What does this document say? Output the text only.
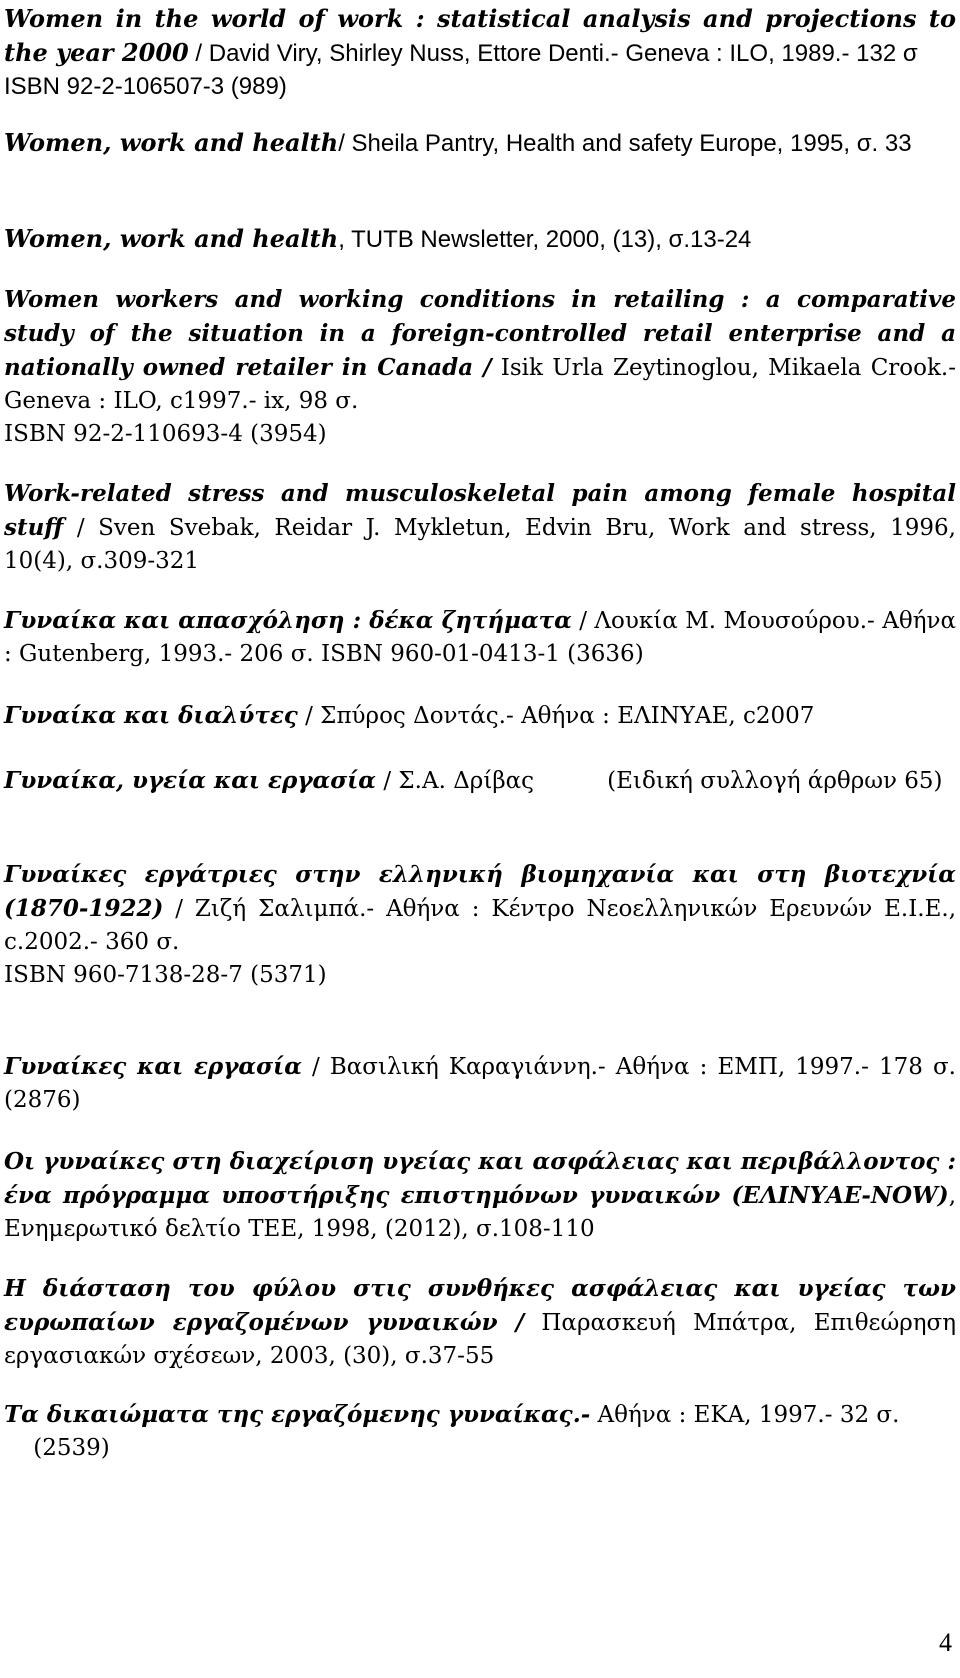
Women in the world of work : statistical analysis and projections to the year 2000 / David Viry, Shirley Nuss, Ettore Denti.- Geneva : ILO, 1989.- 132 σ
ISBN 92-2-106507-3 (989)
Women, work and health/ Sheila Pantry, Health and safety Europe, 1995, σ. 33
Women, work and health, TUTB Newsletter, 2000, (13), σ.13-24
Women workers and working conditions in retailing : a comparative study of the situation in a foreign-controlled retail enterprise and a nationally owned retailer in Canada / Isik Urla Zeytinoglou, Mikaela Crook.- Geneva : ILO, c1997.- ix, 98 σ.
ISBN 92-2-110693-4 (3954)
Work-related stress and musculoskeletal pain among female hospital stuff / Sven Svebak, Reidar J. Mykletun, Edvin Bru, Work and stress, 1996, 10(4), σ.309-321
Γυναίκα και απασχόληση : δέκα ζητήματα / Λουκία Μ. Μουσούρου.- Αθήνα : Gutenberg, 1993.- 206 σ. ISBN 960-01-0413-1 (3636)
Γυναίκα και διαλύτες / Σπύρος Δοντάς.- Αθήνα : ΕΛΙΝΥΑΕ, c2007
Γυναίκα, υγεία και εργασία / Σ.Α. Δρίβας          (Ειδική συλλογή άρθρων 65)
Γυναίκες εργάτριες στην ελληνική βιομηχανία και στη βιοτεχνία (1870-1922) / Ζιζή Σαλιμπά.- Αθήνα : Κέντρο Νεοελληνικών Ερευνών Ε.Ι.Ε., c.2002.- 360 σ.
ISBN 960-7138-28-7 (5371)
Γυναίκες και εργασία / Βασιλική Καραγιάννη.- Αθήνα : ΕΜΠ, 1997.- 178 σ. (2876)
Οι γυναίκες στη διαχείριση υγείας και ασφάλειας και περιβάλλοντος : ένα πρόγραμμα υποστήριξης επιστημόνων γυναικών (ΕΛΙΝΥΑΕ-NOW), Ενημερωτικό δελτίο ΤΕΕ, 1998, (2012), σ.108-110
Η διάσταση του φύλου στις συνθήκες ασφάλειας και υγείας των ευρωπαίων εργαζομένων γυναικών / Παρασκευή Μπάτρα, Επιθεώρηση εργασιακών σχέσεων, 2003, (30), σ.37-55
Τα δικαιώματα της εργαζόμενης γυναίκας.- Αθήνα : ΕΚΑ, 1997.- 32 σ.
(2539)
4
